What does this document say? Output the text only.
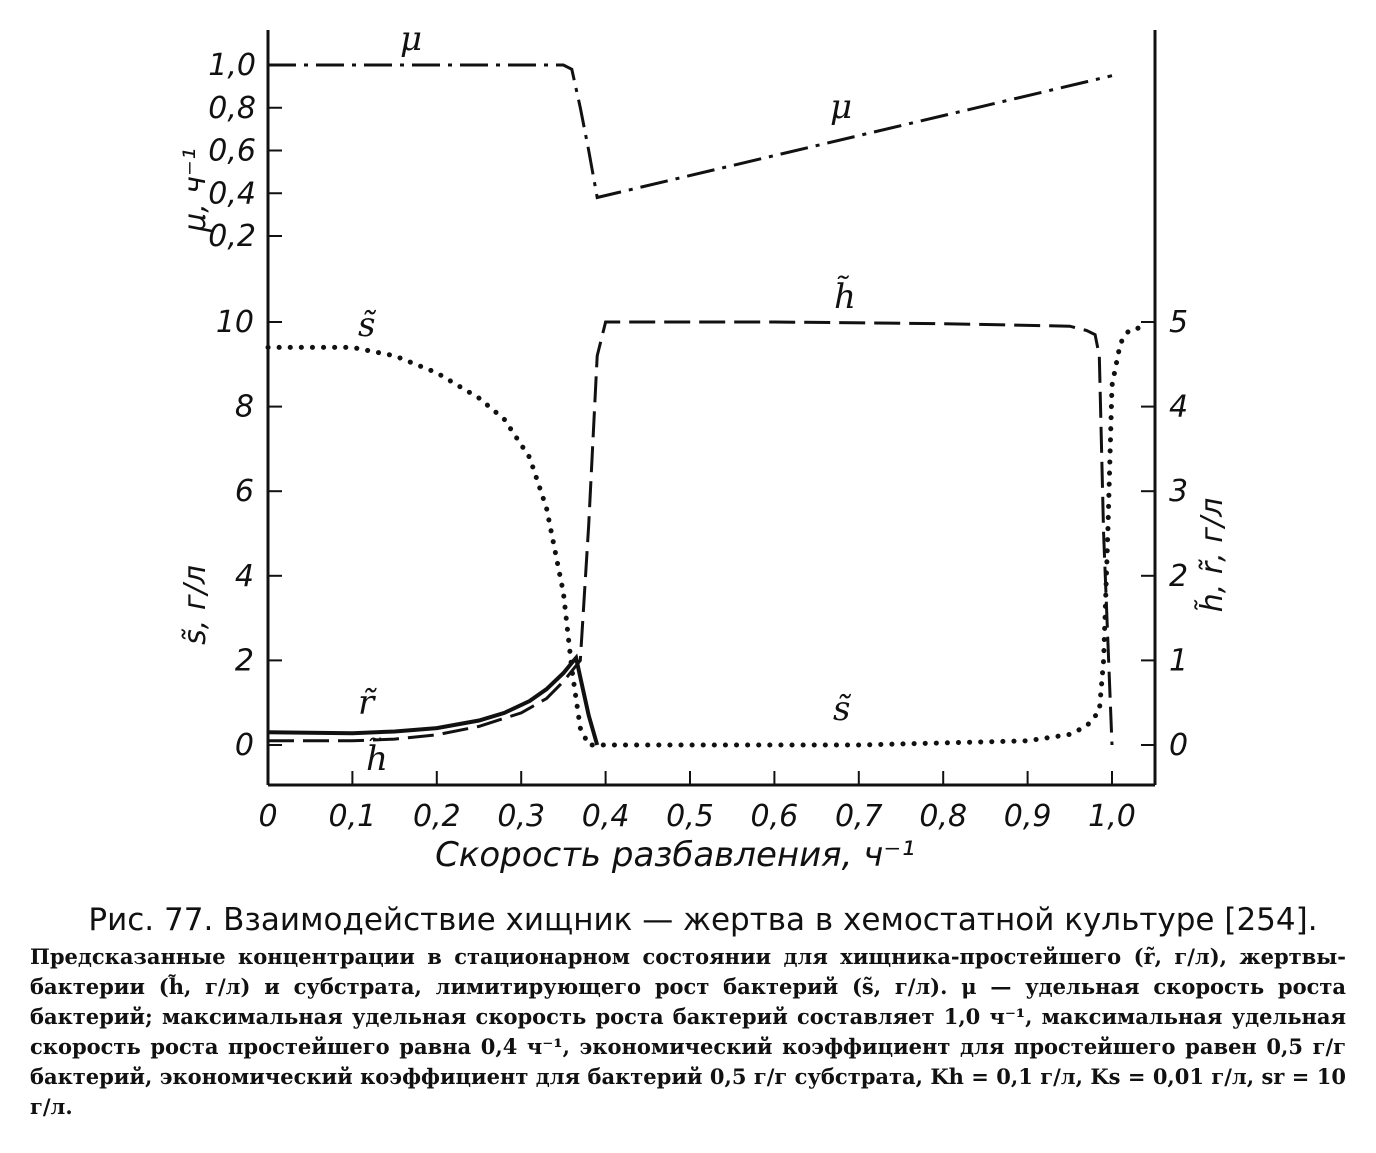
0 0,1 0,2 0,3 0,4 0,5 0,6 0,7 0,8 0,9 1,0
0,2
0,4
0,6
0,8
1,0
0
2
4
6
8
10
0
1
2
3
4
5
μ, ч⁻¹
s̃, г/л	h̃, r̃, г/л
Скорость разбавления, ч⁻¹
μ
μ
s̃
h̃
r̃	s̃
h̃
Рис. 77. Взаимодействие хищник — жертва в хемостатной культуре [254].
Предсказанные концентрации в стационарном состоянии для хищника-простейшего (r̃, г/л), жертвы-бактерии (h̃, г/л) и субстрата, лимитирующего рост бактерий (s̃, г/л). μ — удельная скорость роста бактерий; максимальная удельная скорость роста бактерий составляет 1,0 ч⁻¹, максимальная удельная скорость роста простейшего равна 0,4 ч⁻¹, экономический коэффициент для простейшего равен 0,5 г/г бактерий, экономический коэффициент для бактерий 0,5 г/г субстрата, Kh = 0,1 г/л, Ks = 0,01 г/л, sr = 10 г/л.
